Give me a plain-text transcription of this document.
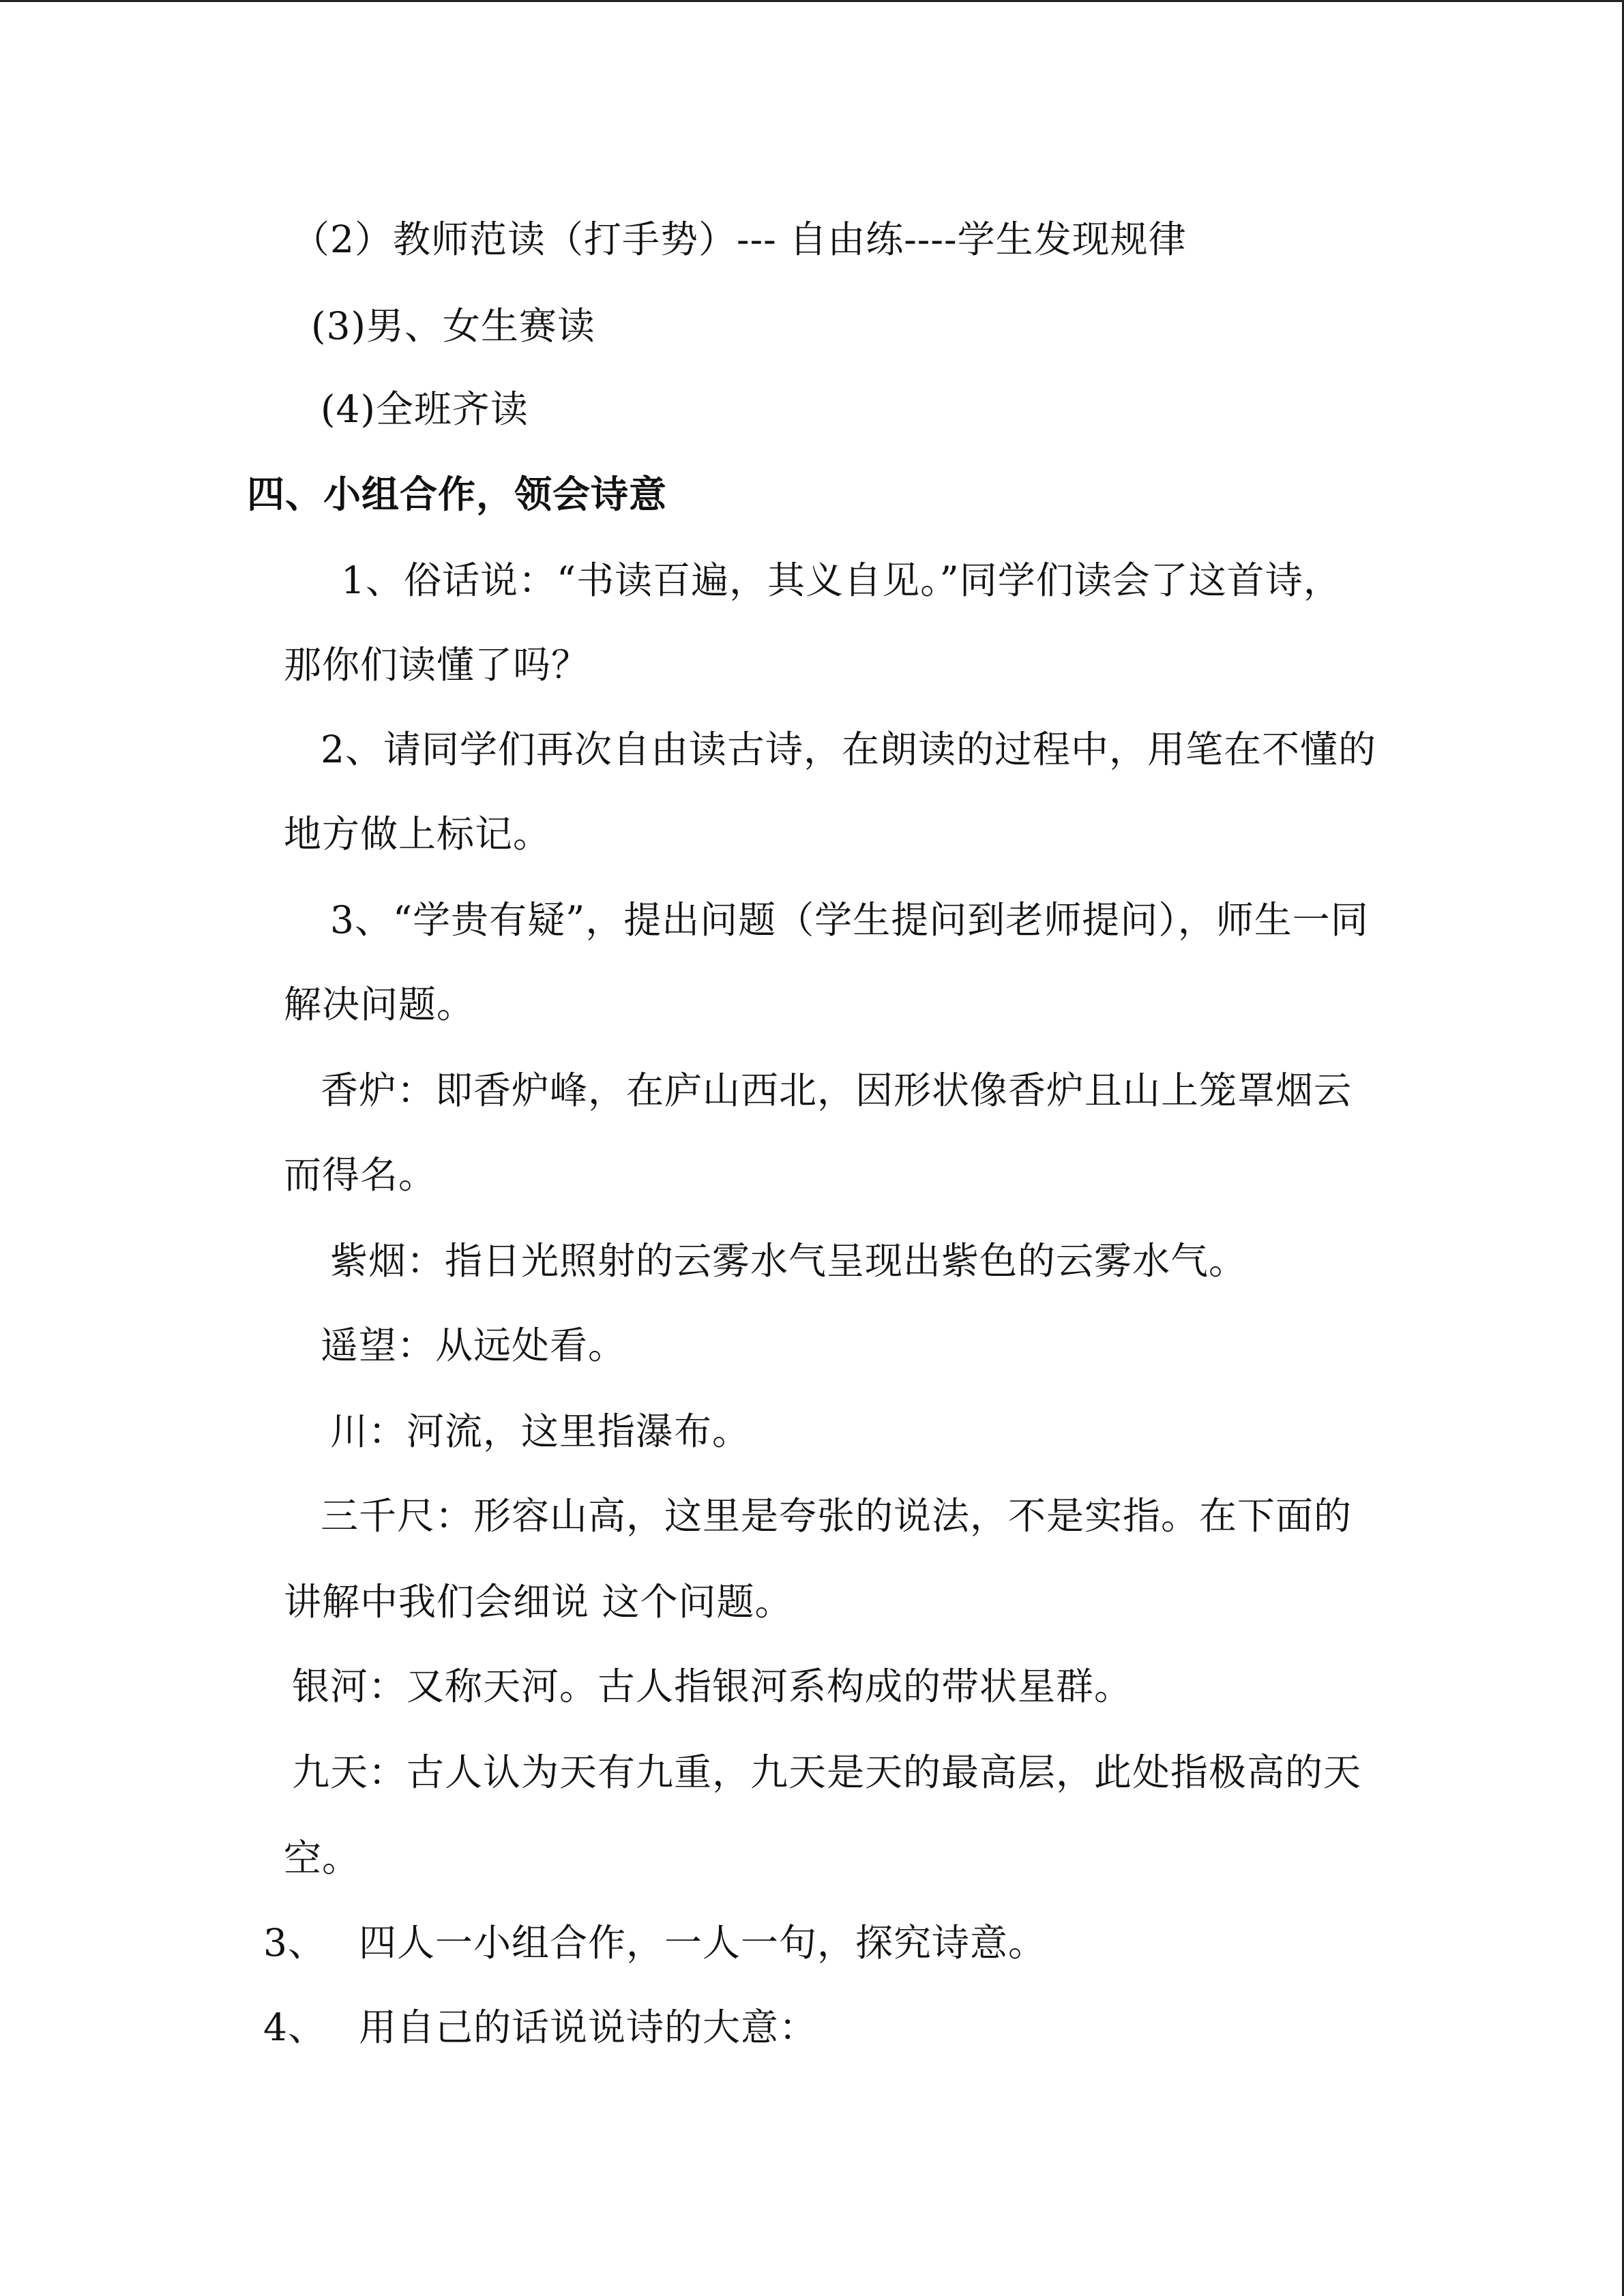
（2）教师范读（打手势）--- 自由练----学生发现规律
(3)男、女生赛读
(4)全班齐读
四、小组合作，领会诗意
1、俗话说：“书读百遍，其义自见。”同学们读会了这首诗，
那你们读懂了吗？
2、请同学们再次自由读古诗，在朗读的过程中，用笔在不懂的
地方做上标记。
3、“学贵有疑”，提出问题（学生提问到老师提问），师生一同
解决问题。
香炉：即香炉峰，在庐山西北，因形状像香炉且山上笼罩烟云
而得名。
紫烟：指日光照射的云雾水气呈现出紫色的云雾水气。
遥望：从远处看。
川：河流，这里指瀑布。
三千尺：形容山高，这里是夸张的说法，不是实指。在下面的
讲解中我们会细说 这个问题。
银河：又称天河。古人指银河系构成的带状星群。
九天：古人认为天有九重，九天是天的最高层，此处指极高的天
空。
3、 四人一小组合作，一人一句，探究诗意。
4、 用自己的话说说诗的大意：
